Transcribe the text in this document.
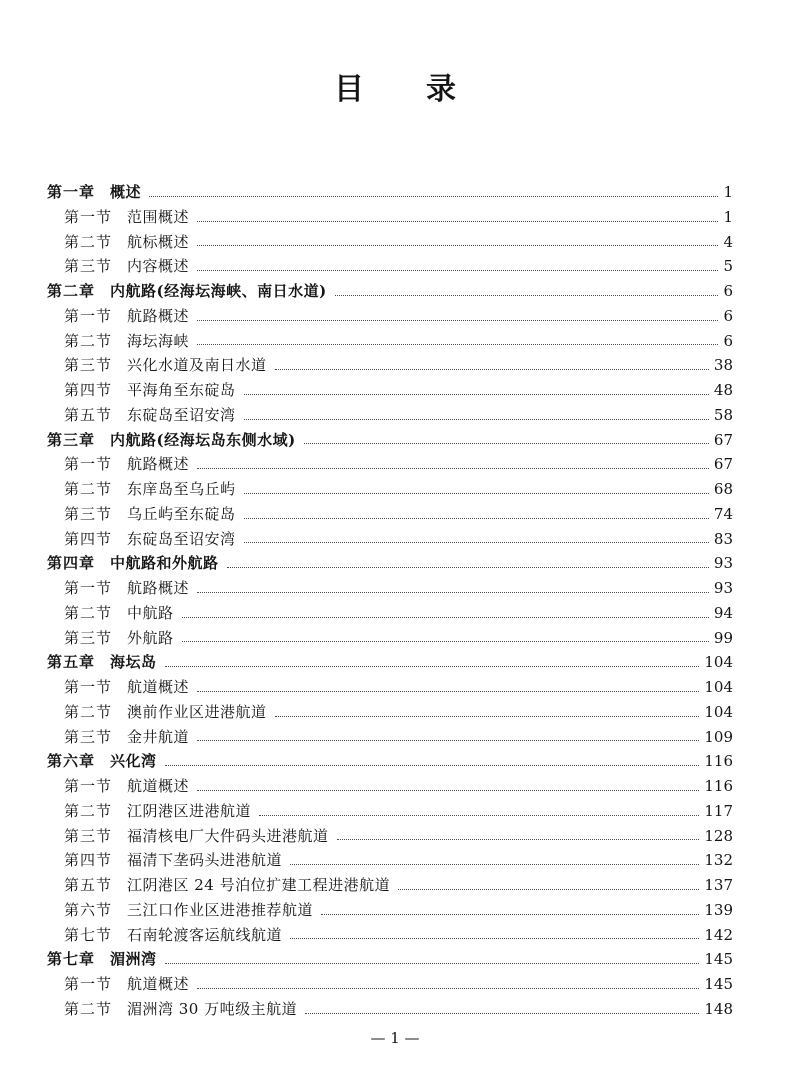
目录
第一章 概述	1
第一节 范围概述	1
第二节 航标概述	4
第三节 内容概述	5
第二章 内航路(经海坛海峡、南日水道)	6
第一节 航路概述	6
第二节 海坛海峡	6
第三节 兴化水道及南日水道	38
第四节 平海角至东碇岛	48
第五节 东碇岛至诏安湾	58
第三章 内航路(经海坛岛东侧水域)	67
第一节 航路概述	67
第二节 东庠岛至乌丘屿	68
第三节 乌丘屿至东碇岛	74
第四节 东碇岛至诏安湾	83
第四章 中航路和外航路	93
第一节 航路概述	93
第二节 中航路	94
第三节 外航路	99
第五章 海坛岛	104
第一节 航道概述	104
第二节 澳前作业区进港航道	104
第三节 金井航道	109
第六章 兴化湾	116
第一节 航道概述	116
第二节 江阴港区进港航道	117
第三节 福清核电厂大件码头进港航道	128
第四节 福清下垄码头进港航道	132
第五节 江阴港区 24 号泊位扩建工程进港航道	137
第六节 三江口作业区进港推荐航道	139
第七节 石南轮渡客运航线航道	142
第七章 湄洲湾	145
第一节 航道概述	145
第二节 湄洲湾 30 万吨级主航道	148
— 1 —
